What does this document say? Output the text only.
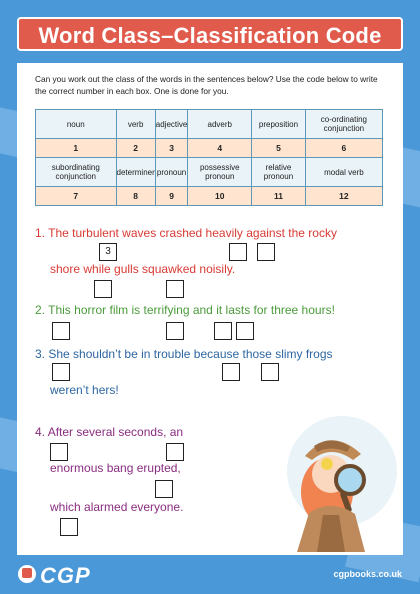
Word Class–Classification Code
Can you work out the class of the words in the sentences below? Use the code below to write the correct number in each box. One is done for you.
noun	verb	adjective	adverb	preposition	co-ordinating conjunction
1	2	3	4	5	6
subordinating conjunction	determiner	pronoun	possessive pronoun	relative pronoun	modal verb
7	8	9	10	11	12
1. The turbulent waves crashed heavily against the rocky
3
shore while gulls squawked noisily.
2. This horror film is terrifying and it lasts for three hours!
3. She shouldn’t be in trouble because those slimy frogs
weren’t hers!
4. After several seconds, an
enormous bang erupted,
which alarmed everyone.
CGP	cgpbooks.co.uk
